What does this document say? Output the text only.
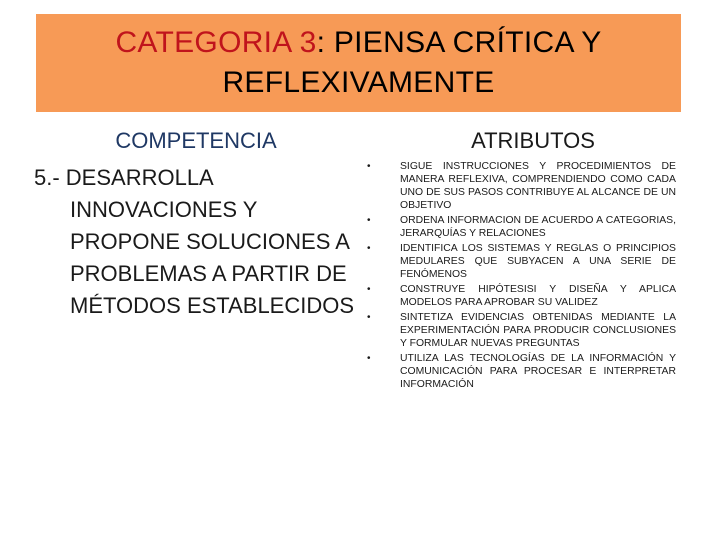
CATEGORIA 3: PIENSA CRÍTICA Y REFLEXIVAMENTE

COMPETENCIA

5.- DESARROLLA INNOVACIONES Y PROPONE SOLUCIONES A PROBLEMAS A PARTIR DE MÉTODOS ESTABLECIDOS

ATRIBUTOS

•	SIGUE INSTRUCCIONES Y PROCEDIMIENTOS DE MANERA REFLEXIVA, COMPRENDIENDO COMO CADA UNO DE SUS PASOS CONTRIBUYE AL ALCANCE DE UN OBJETIVO
•	ORDENA INFORMACION DE ACUERDO A CATEGORIAS, JERARQUÍAS Y RELACIONES
•	IDENTIFICA LOS SISTEMAS Y REGLAS O PRINCIPIOS MEDULARES QUE SUBYACEN A UNA SERIE DE FENÓMENOS
•	CONSTRUYE HIPÓTESISI Y DISEÑA Y APLICA MODELOS PARA APROBAR SU VALIDEZ
•	SINTETIZA EVIDENCIAS OBTENIDAS MEDIANTE LA EXPERIMENTACIÓN PARA PRODUCIR CONCLUSIONES Y FORMULAR NUEVAS PREGUNTAS
•	UTILIZA LAS TECNOLOGÍAS DE LA INFORMACIÓN Y COMUNICACIÓN PARA PROCESAR E INTERPRETAR INFORMACIÓN
